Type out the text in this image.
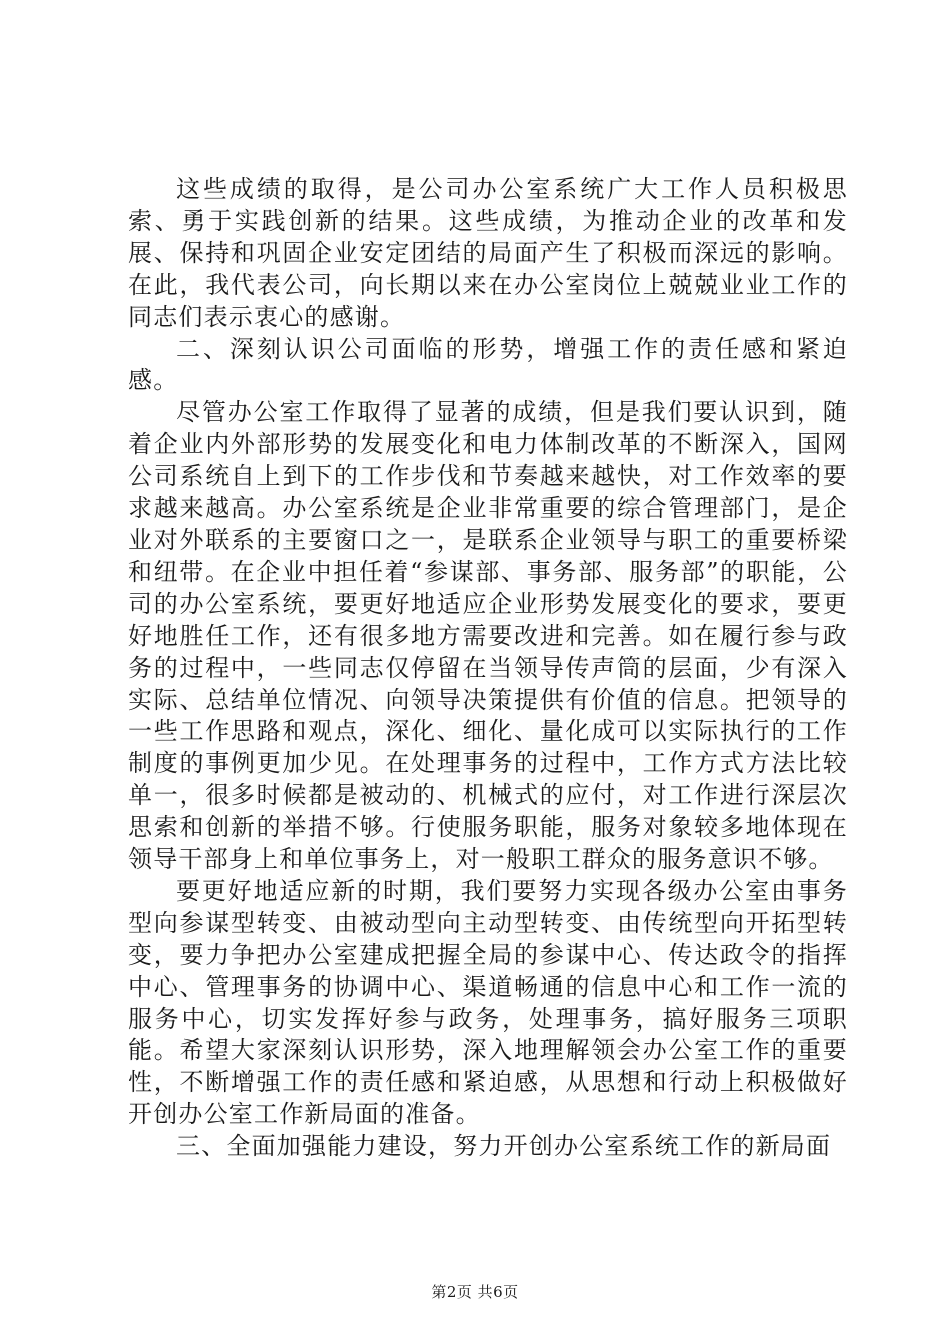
这些成绩的取得，是公司办公室系统广大工作人员积极思索、勇于实践创新的结果。这些成绩，为推动企业的改革和发展、保持和巩固企业安定团结的局面产生了积极而深远的影响。在此，我代表公司，向长期以来在办公室岗位上兢兢业业工作的同志们表示衷心的感谢。

二、深刻认识公司面临的形势，增强工作的责任感和紧迫感。

尽管办公室工作取得了显著的成绩，但是我们要认识到，随着企业内外部形势的发展变化和电力体制改革的不断深入，国网公司系统自上到下的工作步伐和节奏越来越快，对工作效率的要求越来越高。办公室系统是企业非常重要的综合管理部门，是企业对外联系的主要窗口之一，是联系企业领导与职工的重要桥梁和纽带。在企业中担任着“参谋部、事务部、服务部”的职能，公司的办公室系统，要更好地适应企业形势发展变化的要求，要更好地胜任工作，还有很多地方需要改进和完善。如在履行参与政务的过程中，一些同志仅停留在当领导传声筒的层面，少有深入实际、总结单位情况、向领导决策提供有价值的信息。把领导的一些工作思路和观点，深化、细化、量化成可以实际执行的工作制度的事例更加少见。在处理事务的过程中，工作方式方法比较单一，很多时候都是被动的、机械式的应付，对工作进行深层次思索和创新的举措不够。行使服务职能，服务对象较多地体现在领导干部身上和单位事务上，对一般职工群众的服务意识不够。

要更好地适应新的时期，我们要努力实现各级办公室由事务型向参谋型转变、由被动型向主动型转变、由传统型向开拓型转变，要力争把办公室建成把握全局的参谋中心、传达政令的指挥中心、管理事务的协调中心、渠道畅通的信息中心和工作一流的服务中心，切实发挥好参与政务，处理事务，搞好服务三项职能。希望大家深刻认识形势，深入地理解领会办公室工作的重要性，不断增强工作的责任感和紧迫感，从思想和行动上积极做好开创办公室工作新局面的准备。

三、全面加强能力建设，努力开创办公室系统工作的新局面

第2页 共6页
